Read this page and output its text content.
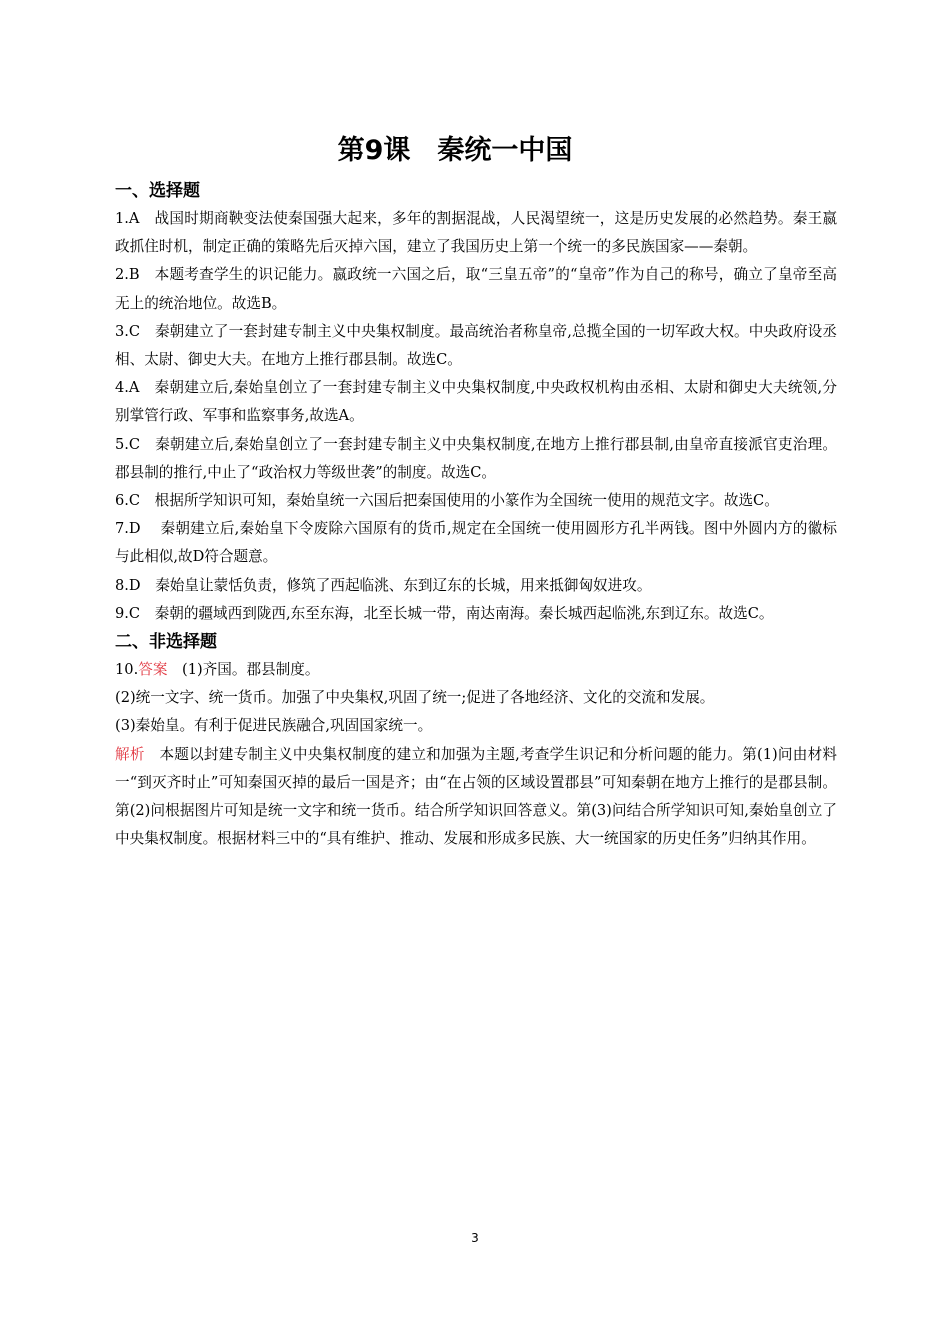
第9课　秦统一中国
一、选择题

1.A　战国时期商鞅变法使秦国强大起来，多年的割据混战，人民渴望统一，这是历史发展的必然趋势。秦王嬴政抓住时机，制定正确的策略先后灭掉六国，建立了我国历史上第一个统一的多民族国家——秦朝。

2.B　本题考查学生的识记能力。嬴政统一六国之后，取“三皇五帝”的“皇帝”作为自己的称号，确立了皇帝至高无上的统治地位。故选B。

3.C　秦朝建立了一套封建专制主义中央集权制度。最高统治者称皇帝,总揽全国的一切军政大权。中央政府设丞相、太尉、御史大夫。在地方上推行郡县制。故选C。

4.A　秦朝建立后,秦始皇创立了一套封建专制主义中央集权制度,中央政权机构由丞相、太尉和御史大夫统领,分别掌管行政、军事和监察事务,故选A。

5.C　秦朝建立后,秦始皇创立了一套封建专制主义中央集权制度,在地方上推行郡县制,由皇帝直接派官吏治理。郡县制的推行,中止了“政治权力等级世袭”的制度。故选C。

6.C　根据所学知识可知，秦始皇统一六国后把秦国使用的小篆作为全国统一使用的规范文字。故选C。

7.D　 秦朝建立后,秦始皇下令废除六国原有的货币,规定在全国统一使用圆形方孔半两钱。图中外圆内方的徽标与此相似,故D符合题意。

8.D　秦始皇让蒙恬负责，修筑了西起临洮、东到辽东的长城，用来抵御匈奴进攻。

9.C　秦朝的疆域西到陇西,东至东海，北至长城一带，南达南海。秦长城西起临洮,东到辽东。故选C。

二、非选择题

10.答案　(1)齐国。郡县制度。

(2)统一文字、统一货币。加强了中央集权,巩固了统一;促进了各地经济、文化的交流和发展。

(3)秦始皇。有利于促进民族融合,巩固国家统一。

解析　本题以封建专制主义中央集权制度的建立和加强为主题,考查学生识记和分析问题的能力。第(1)问由材料一“到灭齐时止”可知秦国灭掉的最后一国是齐；由“在占领的区域设置郡县”可知秦朝在地方上推行的是郡县制。第(2)问根据图片可知是统一文字和统一货币。结合所学知识回答意义。第(3)问结合所学知识可知,秦始皇创立了中央集权制度。根据材料三中的“具有维护、推动、发展和形成多民族、大一统国家的历史任务”归纳其作用。

3
